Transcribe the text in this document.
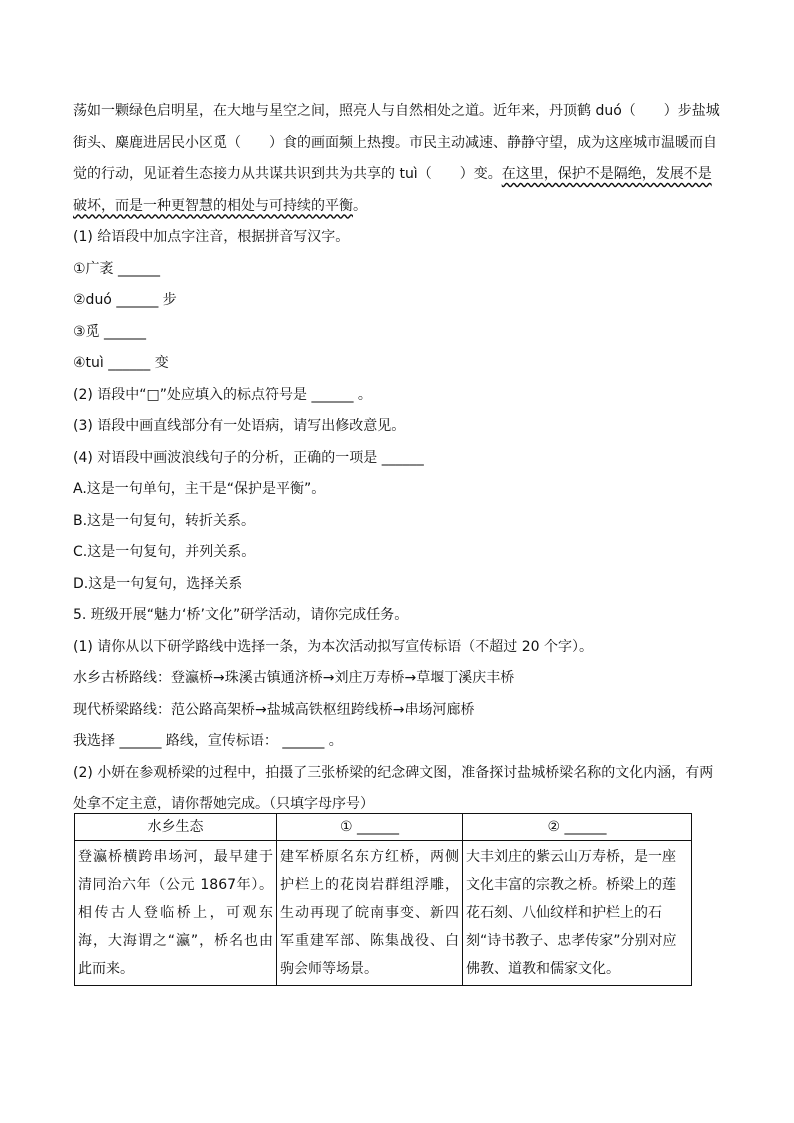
荡如一颗绿色启明星，在大地与星空之间，照亮人与自然相处之道。近年来，丹顶鹤 duó（　　）步盐城
街头、麋鹿进居民小区觅（　　）食的画面频上热搜。市民主动减速、静静守望，成为这座城市温暖而自
觉的行动，见证着生态接力从共谋共识到共为共享的 tuì（　　）变。在这里，保护不是隔绝，发展不是
破坏，而是一种更智慧的相处与可持续的平衡。
(1) 给语段中加点字注音，根据拼音写汉字。
①广袤 ______
②duó ______ 步
③觅 ______
④tuì ______ 变
(2) 语段中“□”处应填入的标点符号是 ______ 。
(3) 语段中画直线部分有一处语病，请写出修改意见。
(4) 对语段中画波浪线句子的分析，正确的一项是 ______
A.这是一句单句，主干是“保护是平衡”。
B.这是一句复句，转折关系。
C.这是一句复句，并列关系。
D.这是一句复句，选择关系
5. 班级开展“魅力‘桥’文化”研学活动，请你完成任务。
(1) 请你从以下研学路线中选择一条，为本次活动拟写宣传标语（不超过 20 个字）。
水乡古桥路线：登瀛桥→珠溪古镇通济桥→刘庄万寿桥→草堰丁溪庆丰桥
现代桥梁路线：范公路高架桥→盐城高铁枢纽跨线桥→串场河廊桥
我选择 ______ 路线，宣传标语： ______ 。
(2) 小妍在参观桥梁的过程中，拍摄了三张桥梁的纪念碑文图，准备探讨盐城桥梁名称的文化内涵，有两
处拿不定主意，请你帮她完成。（只填字母序号）
水乡生态	① ______	② ______
登瀛桥横跨串场河，最早建于清同治六年（公元 1867年）。相传古人登临桥上，可观东海，大海谓之“瀛”，桥名也由此而来。	建军桥原名东方红桥，两侧护栏上的花岗岩群组浮雕，生动再现了皖南事变、新四军重建军部、陈集战役、白驹会师等场景。	大丰刘庄的紫云山万寿桥，是一座文化丰富的宗教之桥。桥梁上的莲花石刻、八仙纹样和护栏上的石刻“诗书教子、忠孝传家”分别对应佛教、道教和儒家文化。
